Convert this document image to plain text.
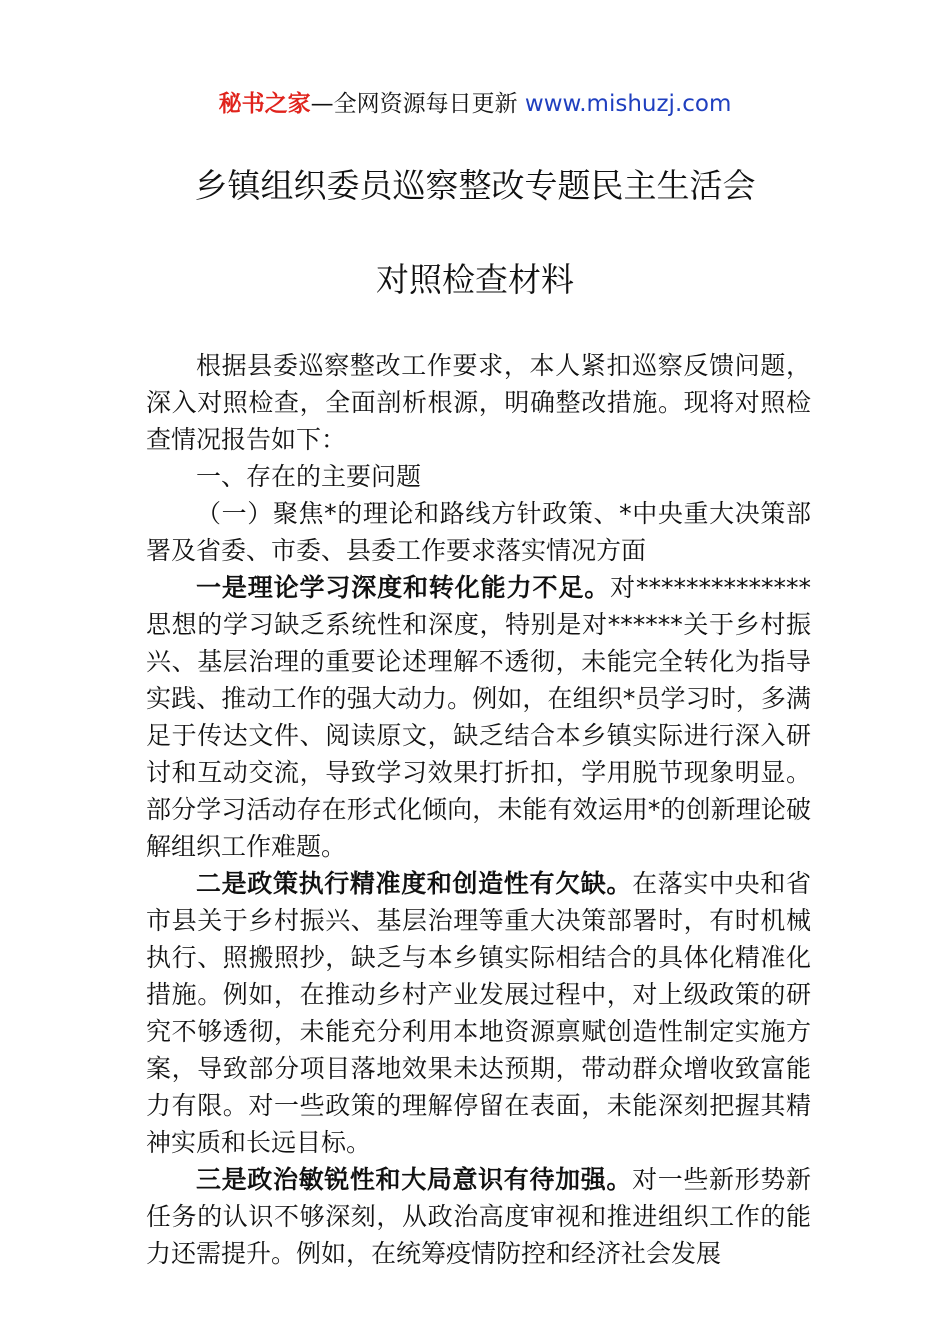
秘书之家—全网资源每日更新 www.mishuzj.com
乡镇组织委员巡察整改专题民主生活会
对照检查材料

根据县委巡察整改工作要求，本人紧扣巡察反馈问题，深入对照检查，全面剖析根源，明确整改措施。现将对照检查情况报告如下：

一、存在的主要问题

（一）聚焦*的理论和路线方针政策、*中央重大决策部署及省委、市委、县委工作要求落实情况方面

一是理论学习深度和转化能力不足。对**************思想的学习缺乏系统性和深度，特别是对******关于乡村振兴、基层治理的重要论述理解不透彻，未能完全转化为指导实践、推动工作的强大动力。例如，在组织*员学习时，多满足于传达文件、阅读原文，缺乏结合本乡镇实际进行深入研讨和互动交流，导致学习效果打折扣，学用脱节现象明显。部分学习活动存在形式化倾向，未能有效运用*的创新理论破解组织工作难题。

二是政策执行精准度和创造性有欠缺。在落实中央和省市县关于乡村振兴、基层治理等重大决策部署时，有时机械执行、照搬照抄，缺乏与本乡镇实际相结合的具体化精准化措施。例如，在推动乡村产业发展过程中，对上级政策的研究不够透彻，未能充分利用本地资源禀赋创造性制定实施方案，导致部分项目落地效果未达预期，带动群众增收致富能力有限。对一些政策的理解停留在表面，未能深刻把握其精神实质和长远目标。

三是政治敏锐性和大局意识有待加强。对一些新形势新任务的认识不够深刻，从政治高度审视和推进组织工作的能力还需提升。例如，在统筹疫情防控和经济社会发展
